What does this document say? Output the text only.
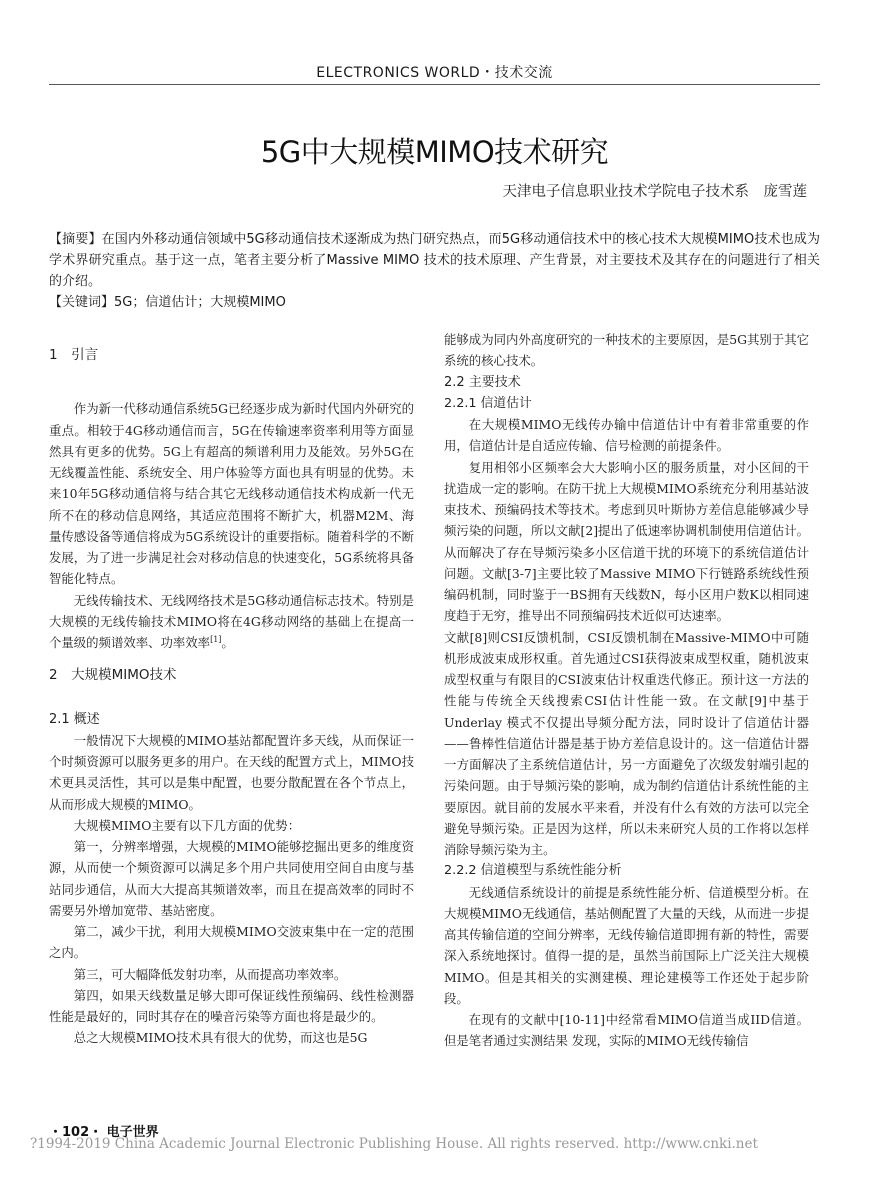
ELECTRONICS WORLD・技术交流
5G中大规模MIMO技术研究
天津电子信息职业技术学院电子技术系　庞雪莲

【摘要】在国内外移动通信领域中5G移动通信技术逐渐成为热门研究热点，而5G移动通信技术中的核心技术大规模MIMO技术也成为学术界研究重点。基于这一点，笔者主要分析了Massive MIMO 技术的技术原理、产生背景，对主要技术及其存在的问题进行了相关的介绍。

【关键词】5G；信道估计；大规模MIMO

1　引言

作为新一代移动通信系统5G已经逐步成为新时代国内外研究的重点。相较于4G移动通信而言，5G在传输速率资率利用等方面显然具有更多的优势。5G上有超高的频谱利用力及能效。另外5G在无线覆盖性能、系统安全、用户体验等方面也具有明显的优势。未来10年5G移动通信将与结合其它无线移动通信技术构成新一代无所不在的移动信息网络，其适应范围将不断扩大，机器M2M、海量传感设备等通信将成为5G系统设计的重要指标。随着科学的不断发展，为了进一步满足社会对移动信息的快速变化，5G系统将具备智能化特点。

无线传输技术、无线网络技术是5G移动通信标志技术。特别是大规模的无线传输技术MIMO将在4G移动网络的基础上在提高一个量级的频谱效率、功率效率[1]。

2　大规模MIMO技术
2.1 概述

一般情况下大规模的MIMO基站都配置许多天线，从而保证一个时频资源可以服务更多的用户。在天线的配置方式上，MIMO技术更具灵活性，其可以是集中配置，也要分散配置在各个节点上，从而形成大规模的MIMO。

大规模MIMO主要有以下几方面的优势：

第一，分辨率增强，大规模的MIMO能够挖掘出更多的维度资源，从而使一个频资源可以满足多个用户共同使用空间自由度与基站同步通信，从而大大提高其频谱效率，而且在提高效率的同时不需要另外增加宽带、基站密度。

第二，减少干扰，利用大规模MIMO交波束集中在一定的范围之内。

第三，可大幅降低发射功率，从而提高功率效率。

第四，如果天线数量足够大即可保证线性预编码、线性检测器性能是最好的，同时其存在的噪音污染等方面也将是最少的。

总之大规模MIMO技术具有很大的优势，而这也是5G

能够成为同内外高度研究的一种技术的主要原因，是5G其别于其它系统的核心技术。

2.2 主要技术
2.2.1 信道估计

在大规模MIMO无线传办输中信道估计中有着非常重要的作用，信道估计是自适应传输、信号检测的前提条件。

复用相邻小区频率会大大影响小区的服务质量，对小区间的干扰造成一定的影响。在防干扰上大规模MIMO系统充分利用基站波束技术、预编码技术等技术。考虑到贝叶斯协方差信息能够减少导频污染的问题，所以文献[2]提出了低速率协调机制使用信道估计。从而解决了存在导频污染多小区信道干扰的环境下的系统信道估计问题。文献[3-7]主要比较了Massive MIMO下行链路系统线性预编码机制，同时鉴于一BS拥有天线数N，每小区用户数K以相同速度趋于无穷，推导出不同预编码技术近似可达速率。

文献[8]则CSI反馈机制，CSI反馈机制在Massive-MIMO中可随机形成波束成形权重。首先通过CSI获得波束成型权重，随机波束成型权重与有限目的CSI波束估计权重迭代修正。预计这一方法的性能与传统全天线搜索CSI估计性能一致。在文献[9]中基于Underlay 模式不仅提出导频分配方法，同时设计了信道估计器——鲁棒性信道估计器是基于协方差信息设计的。这一信道估计器一方面解决了主系统信道估计，另一方面避免了次级发射端引起的污染问题。由于导频污染的影响，成为制约信道估计系统性能的主要原因。就目前的发展水平来看，并没有什么有效的方法可以完全避免导频污染。正是因为这样，所以未来研究人员的工作将以怎样消除导频污染为主。

2.2.2 信道模型与系统性能分析

无线通信系统设计的前提是系统性能分析、信道模型分析。在大规模MIMO无线通信，基站侧配置了大量的天线，从而进一步提高其传输信道的空间分辨率，无线传输信道即拥有新的特性，需要深入系统地探讨。值得一提的是，虽然当前国际上广泛关注大规模MIMO。但是其相关的实测建模、理论建模等工作还处于起步阶段。

在现有的文献中[10-11]中经常看MIMO信道当成IID信道。但是笔者通过实测结果 发现，实际的MIMO无线传输信

・102・ 电子世界
?1994-2019 China Academic Journal Electronic Publishing House. All rights reserved. http://www.cnki.net
